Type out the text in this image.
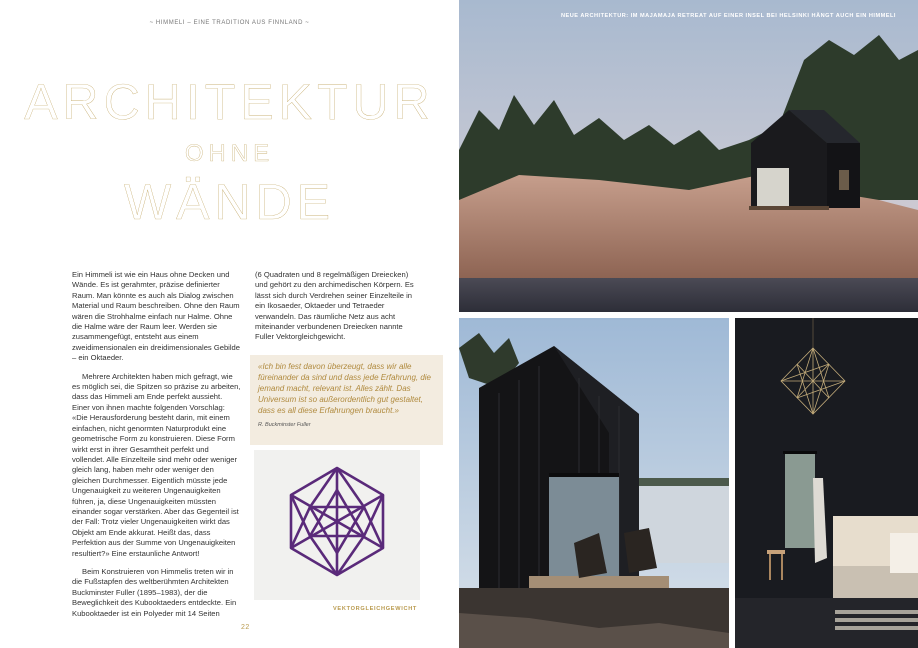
~ HIMMELI – EINE TRADITION AUS FINNLAND ~
ARCHITEKTUR
OHNE
WÄNDE

Ein Himmeli ist wie ein Haus ohne Decken und Wände. Es ist gerahmter, präzise definierter Raum. Man könnte es auch als Dialog zwischen Material und Raum beschreiben. Ohne den Raum wären die Strohhalme einfach nur Halme. Ohne die Halme wäre der Raum leer. Werden sie zusammengefügt, entsteht aus einem zweidimensionalen ein dreidimensionales Gebilde – ein Oktaeder.

Mehrere Architekten haben mich gefragt, wie es möglich sei, die Spitzen so präzise zu arbeiten, dass das Himmeli am Ende perfekt aussieht. Einer von ihnen machte folgenden Vorschlag: «Die Herausforderung besteht darin, mit einem einfachen, nicht genormten Naturprodukt eine geometrische Form zu konstruieren. Diese Form wirkt erst in ihrer Gesamtheit perfekt und vollendet. Alle Einzelteile sind mehr oder weniger gleich lang, haben mehr oder weniger den gleichen Durchmesser. Eigentlich müsste jede Ungenauigkeit zu weiteren Ungenauigkeiten führen, ja, diese Ungenauigkeiten müssten einander sogar verstärken. Aber das Gegenteil ist der Fall: Trotz vieler Ungenauigkeiten wirkt das Objekt am Ende akkurat. Heißt das, dass Perfektion aus der Summe von Ungenauigkeiten resultiert?» Eine erstaunliche Antwort!

Beim Konstruieren von Himmelis treten wir in die Fußstapfen des weltberühmten Architekten Buckminster Fuller (1895–1983), der die Beweglichkeit des Kubooktaeders entdeckte. Ein Kubooktaeder ist ein Polyeder mit 14 Seiten

(6 Quadraten und 8 regelmäßigen Dreiecken) und gehört zu den archimedischen Körpern. Es lässt sich durch Verdrehen seiner Einzelteile in ein Ikosaeder, Oktaeder und Tetraeder verwandeln. Das räumliche Netz aus acht miteinander verbundenen Dreiecken nannte Fuller Vektorgleichgewicht.

«Ich bin fest davon überzeugt, dass wir alle füreinander da sind und dass jede Erfahrung, die jemand macht, relevant ist. Alles zählt. Das Universum ist so außerordentlich gut gestaltet, dass es all diese Erfahrungen braucht.»
R. Buckminster Fuller
VEKTORGLEICHGEWICHT
22
NEUE ARCHITEKTUR: IM MAJAMAJA RETREAT AUF EINER INSEL BEI HELSINKI HÄNGT AUCH EIN HIMMELI
